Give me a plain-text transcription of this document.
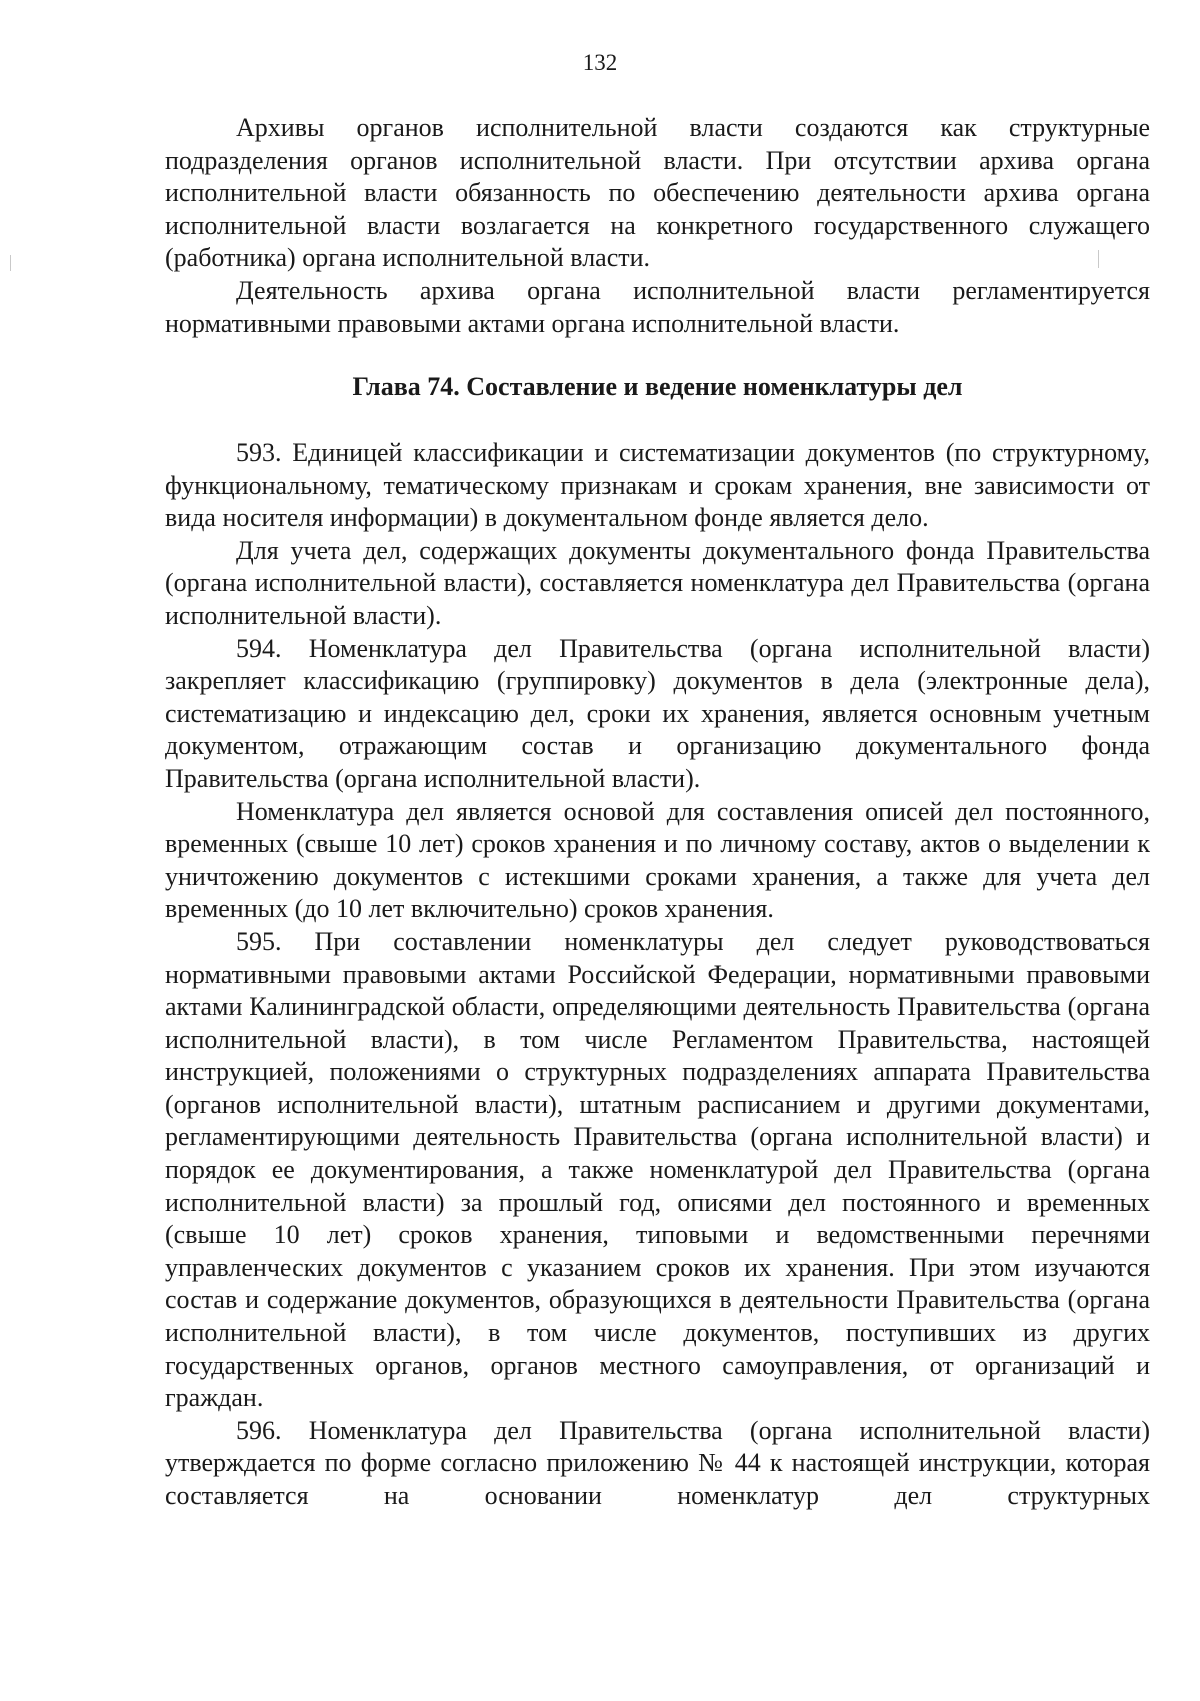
132

Архивы органов исполнительной власти создаются как структурные подразделения органов исполнительной власти. При отсутствии архива органа исполнительной власти обязанность по обеспечению деятельности архива органа исполнительной власти возлагается на конкретного государственного служащего (работника) органа исполнительной власти.

Деятельность архива органа исполнительной власти регламентируется нормативными правовыми актами органа исполнительной власти.

Глава 74. Составление и ведение номенклатуры дел

593. Единицей классификации и систематизации документов (по структурному, функциональному, тематическому признакам и срокам хранения, вне зависимости от вида носителя информации) в документальном фонде является дело.

Для учета дел, содержащих документы документального фонда Правительства (органа исполнительной власти), составляется номенклатура дел Правительства (органа исполнительной власти).

594. Номенклатура дел Правительства (органа исполнительной власти) закрепляет классификацию (группировку) документов в дела (электронные дела), систематизацию и индексацию дел, сроки их хранения, является основным учетным документом, отражающим состав и организацию документального фонда Правительства (органа исполнительной власти).

Номенклатура дел является основой для составления описей дел постоянного, временных (свыше 10 лет) сроков хранения и по личному составу, актов о выделении к уничтожению документов с истекшими сроками хранения, а также для учета дел временных (до 10 лет включительно) сроков хранения.

595. При составлении номенклатуры дел следует руководствоваться нормативными правовыми актами Российской Федерации, нормативными правовыми актами Калининградской области, определяющими деятельность Правительства (органа исполнительной власти), в том числе Регламентом Правительства, настоящей инструкцией, положениями о структурных подразделениях аппарата Правительства (органов исполнительной власти), штатным расписанием и другими документами, регламентирующими деятельность Правительства (органа исполнительной власти) и порядок ее документирования, а также номенклатурой дел Правительства (органа исполнительной власти) за прошлый год, описями дел постоянного и временных (свыше 10 лет) сроков хранения, типовыми и ведомственными перечнями управленческих документов с указанием сроков их хранения. При этом изучаются состав и содержание документов, образующихся в деятельности Правительства (органа исполнительной власти), в том числе документов, поступивших из других государственных органов, органов местного самоуправления, от организаций и граждан.

596. Номенклатура дел Правительства (органа исполнительной власти) утверждается по форме согласно приложению № 44 к настоящей инструкции, которая составляется на основании номенклатур дел структурных
